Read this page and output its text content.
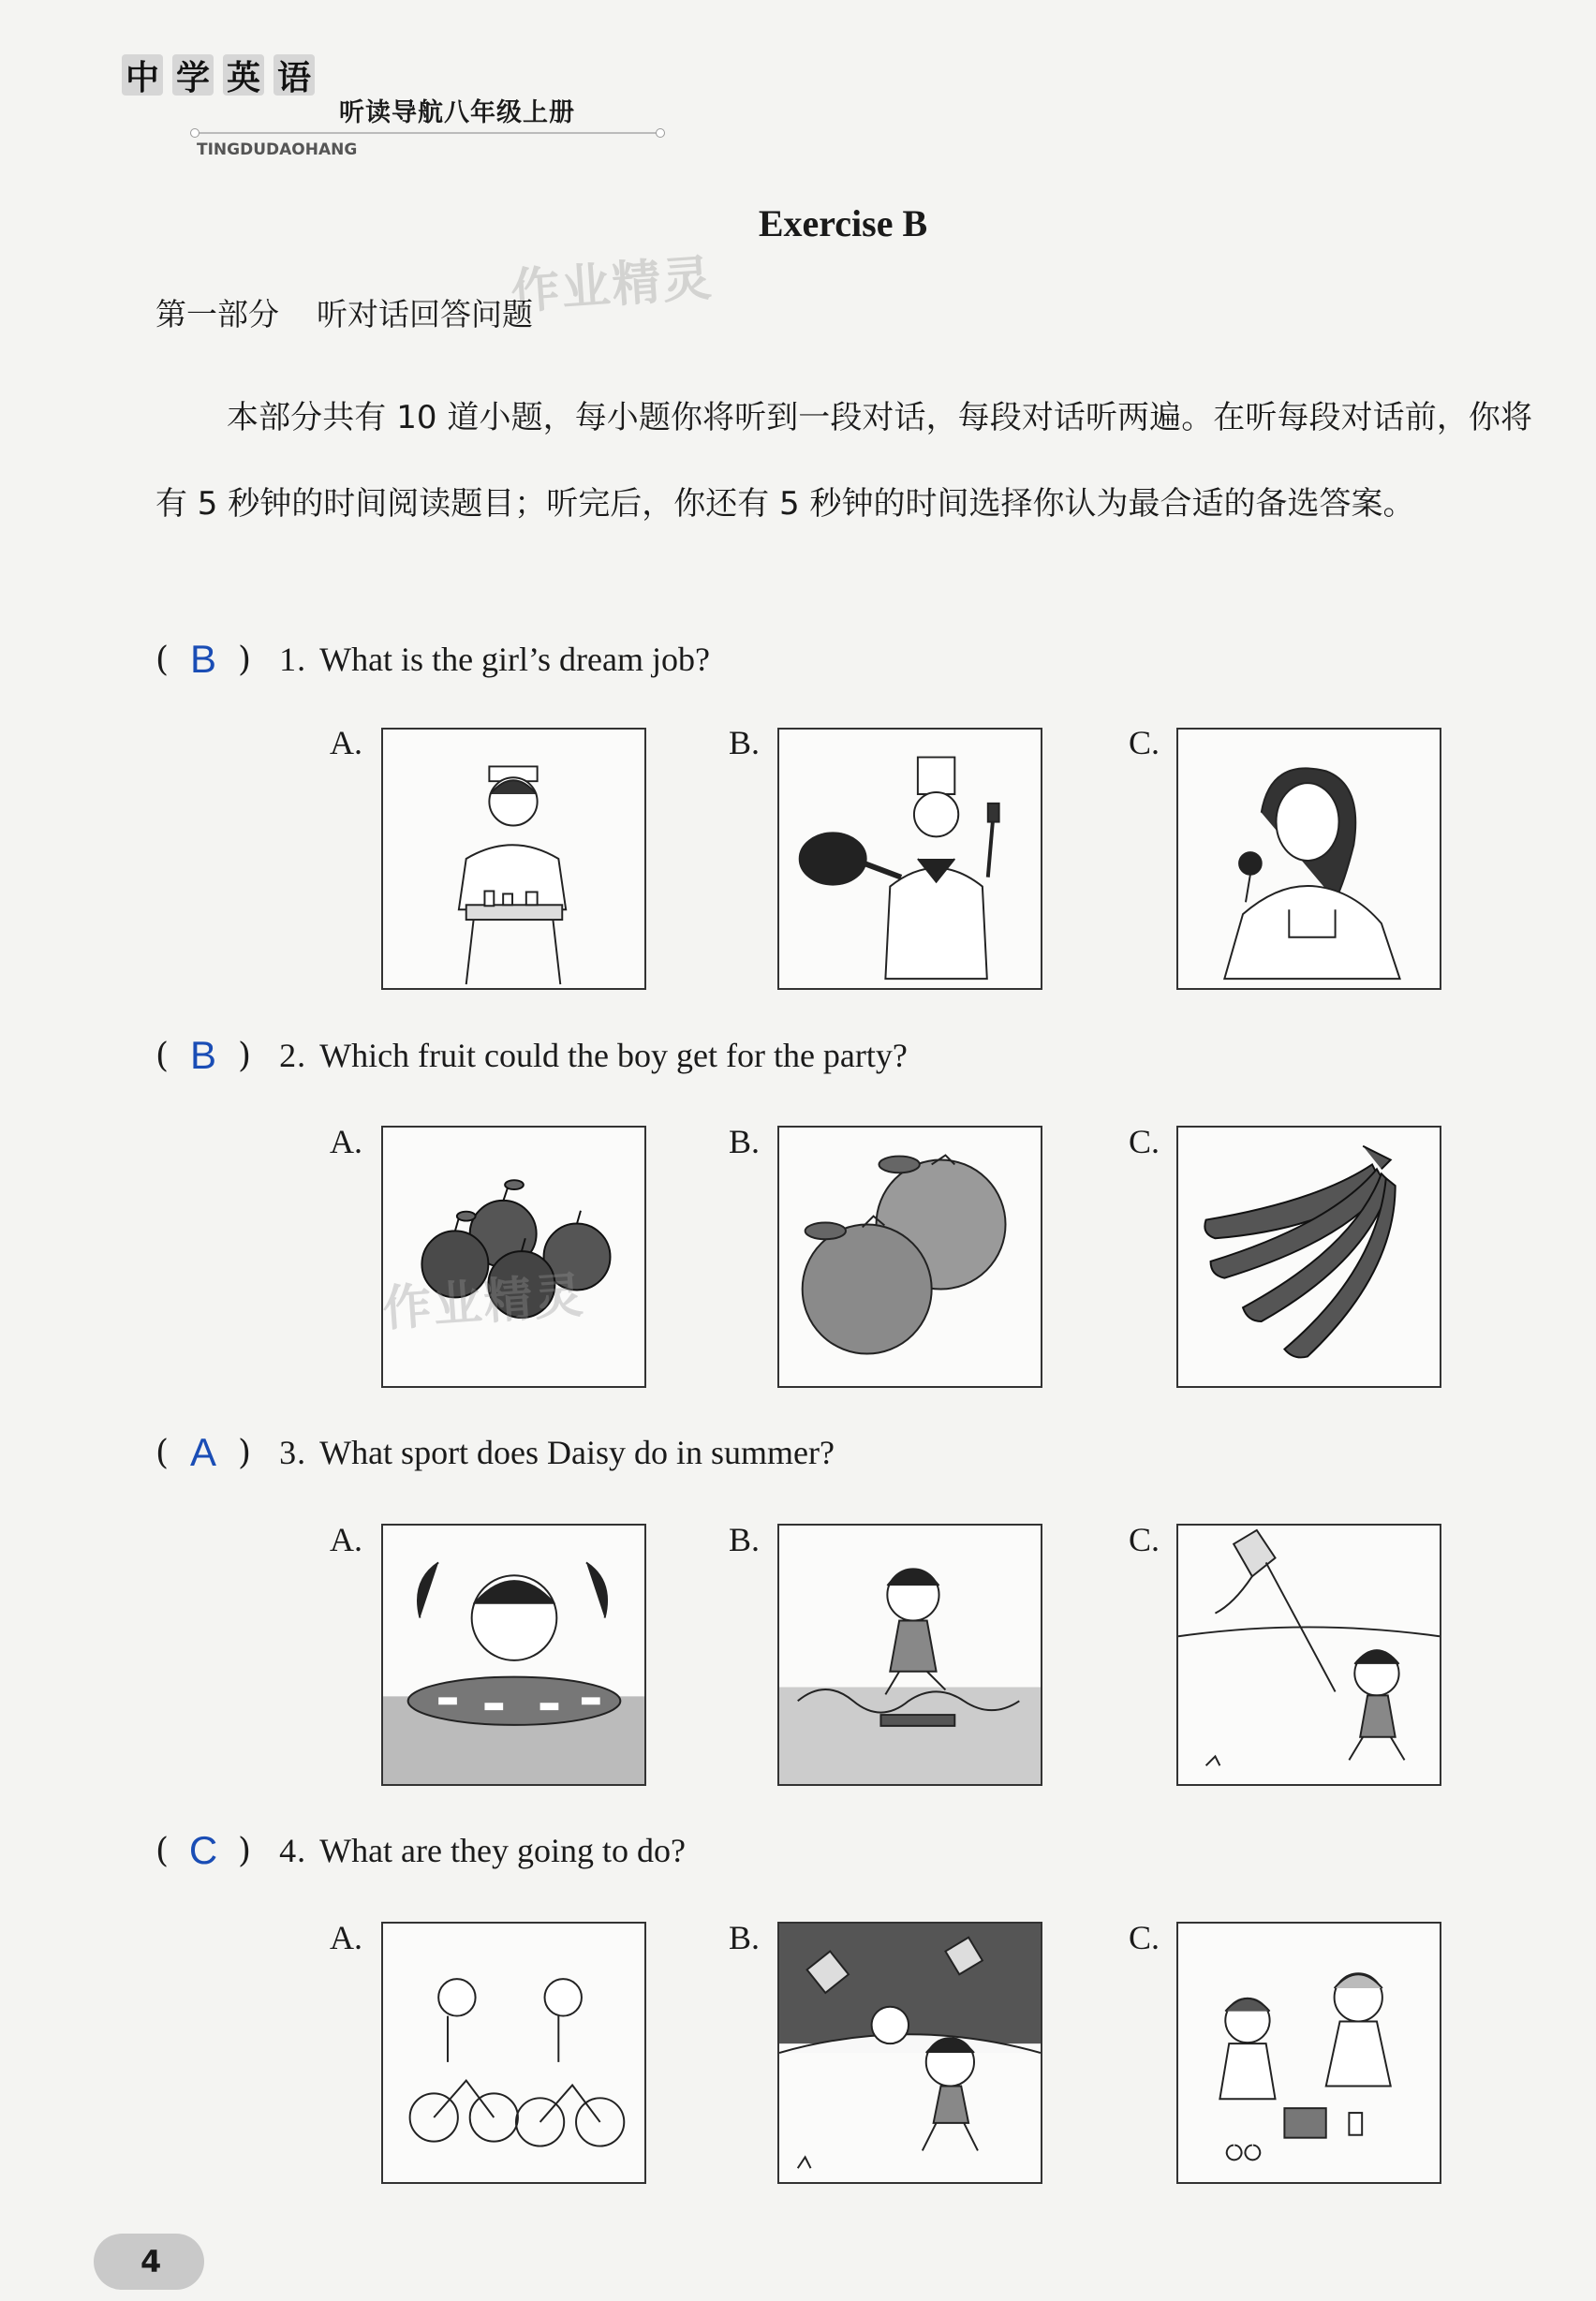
中 学 英 语
听读导航八年级上册
TINGDUDAOHANG
Exercise B
作业精灵
第一部分 听对话回答问题
本部分共有 10 道小题，每小题你将听到一段对话，每段对话听两遍。在听每段对话前，你将有 5 秒钟的时间阅读题目；听完后，你还有 5 秒钟的时间选择你认为最合适的备选答案。
( B ) 1. What is the girl’s dream job?
A.	B.	C.
( B ) 2. Which fruit could the boy get for the party?
A.	B.	C.
作业精灵
( A ) 3. What sport does Daisy do in summer?
A.	B.	C.
( C ) 4. What are they going to do?
A.	B.	C.
4
